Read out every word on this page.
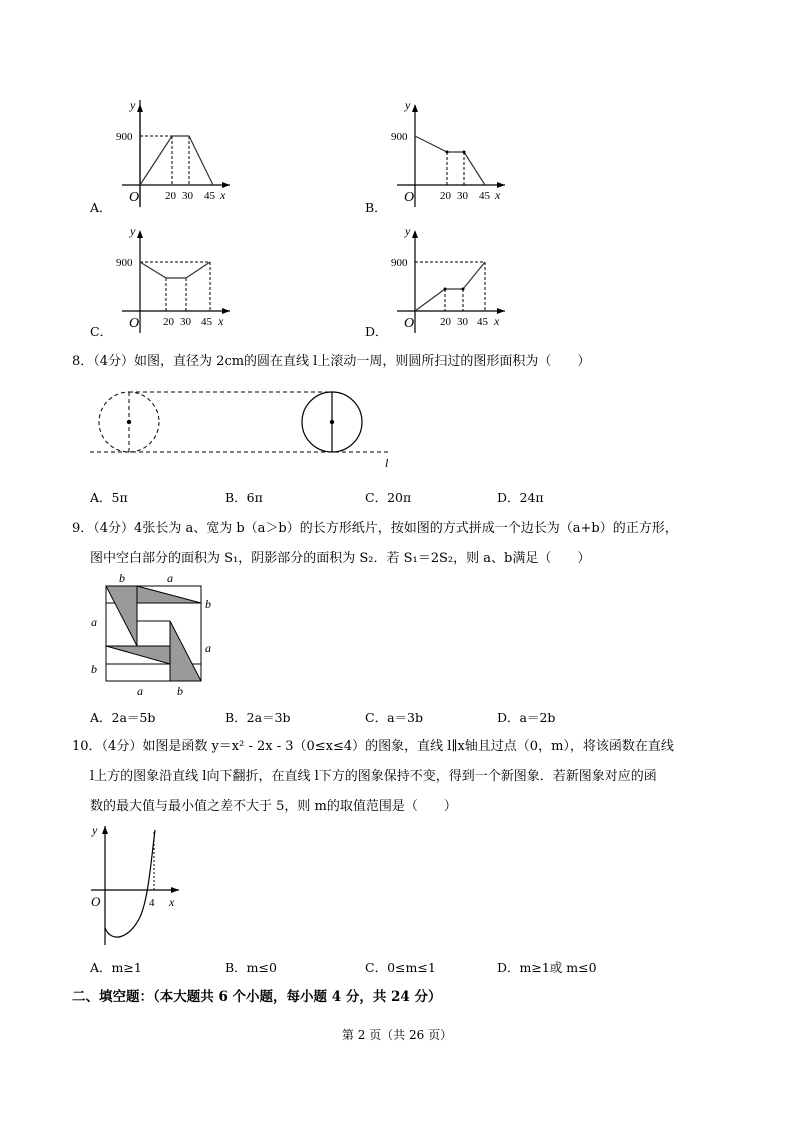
y
900
O 20 30 45 x
A．
y
900
O 20 30 45 x
B．
y
900
O 20 30 45 x
C．
y
900
O 20 30 45 x
D．
8．（4分）如图，直径为 2cm的圆在直线 l上滚动一周，则圆所扫过的图形面积为（　　）
l
A．5π	B．6π	C．20π	D．24π
9．（4分）4张长为 a、宽为 b（a＞b）的长方形纸片，按如图的方式拼成一个边长为（a+b）的正方形，
图中空白部分的面积为 S₁，阴影部分的面积为 S₂．若 S₁＝2S₂，则 a、b满足（　　）
b	a
a
b
b
a
a	b
A．2a＝5b	B．2a＝3b	C．a＝3b	D．a＝2b
10．（4分）如图是函数 y＝x² - 2x - 3（0≤x≤4）的图象，直线 l∥x轴且过点（0，m），将该函数在直线
l上方的图象沿直线 l向下翻折，在直线 l下方的图象保持不变，得到一个新图象．若新图象对应的函
数的最大值与最小值之差不大于 5，则 m的取值范围是（　　）
y
O	4 x
A．m≥1	B．m≤0	C．0≤m≤1	D．m≥1或 m≤0
二、填空题：（本大题共 6 个小题，每小题 4 分，共 24 分）
第 2 页（共 26 页）
